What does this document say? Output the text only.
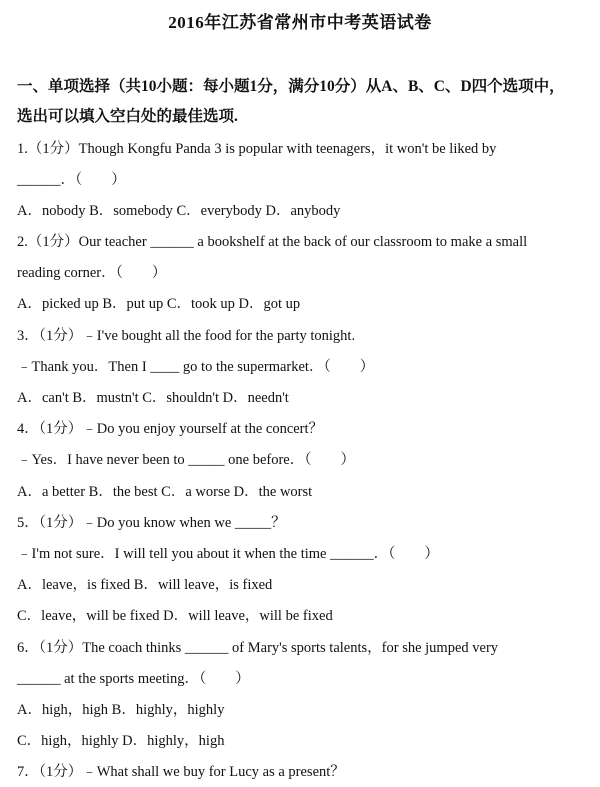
2016年江苏省常州市中考英语试卷
一、单项选择（共10小题：每小题1分，满分10分）从A、B、C、D四个选项中，选出可以填入空白处的最佳选项.
1.（1分）Though Kongfu Panda 3 is popular with teenagers，it won't be liked by
______．（　　）
A．nobody B．somebody C．everybody D．anybody
2.（1分）Our teacher ______ a bookshelf at the back of our classroom to make a small
reading corner．（　　）
A．picked up B．put up C．took up D．got up
3．（1分）﹣I've bought all the food for the party tonight.
﹣Thank you．Then I ____ go to the supermarket．（　　）
A．can't B．mustn't C．shouldn't D．needn't
4．（1分）﹣Do you enjoy yourself at the concert？
﹣Yes．I have never been to _____ one before．（　　）
A．a better B．the best C．a worse D．the worst
5．（1分）﹣Do you know when we _____？
﹣I'm not sure．I will tell you about it when the time ______．（　　）
A．leave，is fixed B．will leave，is fixed
C．leave，will be fixed D．will leave，will be fixed
6．（1分）The coach thinks ______ of Mary's sports talents，for she jumped very
______ at the sports meeting．（　　）
A．high，high B．highly，highly
C．high，highly D．highly，high
7．（1分）﹣What shall we buy for Lucy as a present？
